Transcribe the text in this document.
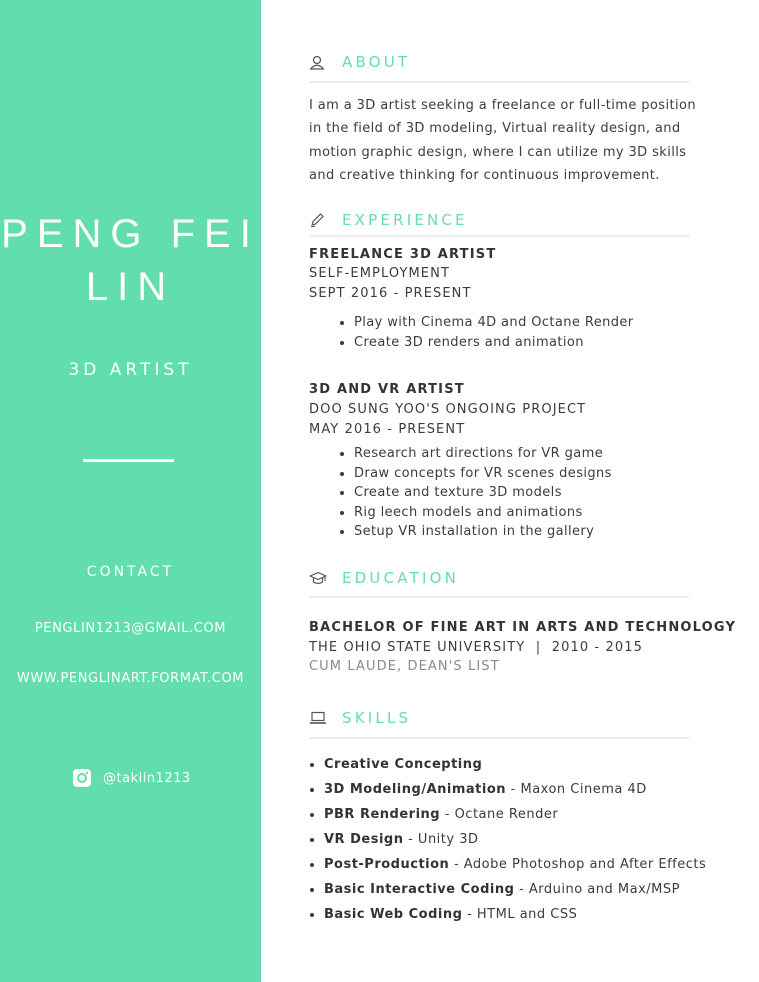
PENG FEI
LIN
3D ARTIST
CONTACT
PENGLIN1213@GMAIL.COM
WWW.PENGLINART.FORMAT.COM
@taklin1213
ABOUT

I am a 3D artist seeking a freelance or full-time position in the field of 3D modeling, Virtual reality design, and motion graphic design, where I can utilize my 3D skills and creative thinking for continuous improvement.

EXPERIENCE
FREELANCE 3D ARTIST
SELF-EMPLOYMENT
SEPT 2016 - PRESENT
• Play with Cinema 4D and Octane Render
• Create 3D renders and animation
3D AND VR ARTIST
DOO SUNG YOO'S ONGOING PROJECT
MAY 2016 - PRESENT
• Research art directions for VR game
• Draw concepts for VR scenes designs
• Create and texture 3D models
• Rig leech models and animations
• Setup VR installation in the gallery
EDUCATION
BACHELOR OF FINE ART IN ARTS AND TECHNOLOGY
THE OHIO STATE UNIVERSITY  |  2010 - 2015
CUM LAUDE, DEAN'S LIST
SKILLS
• Creative Concepting
• 3D Modeling/Animation - Maxon Cinema 4D
• PBR Rendering - Octane Render
• VR Design - Unity 3D
• Post-Production - Adobe Photoshop and After Effects
• Basic Interactive Coding - Arduino and Max/MSP
• Basic Web Coding - HTML and CSS
